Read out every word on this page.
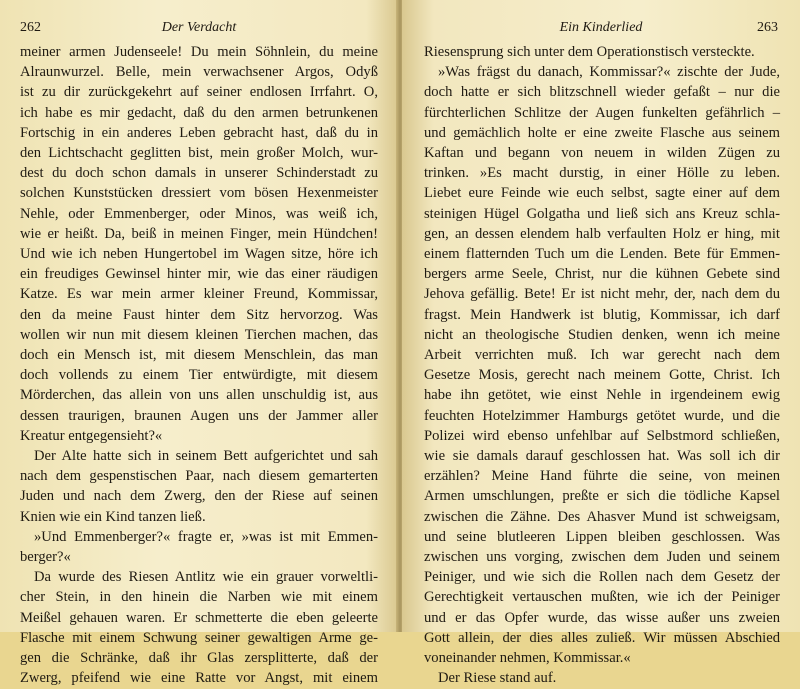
262	Der Verdacht
meiner armen Judenseele! Du mein Söhnlein, du meine
Alraunwurzel. Belle, mein verwachsener Argos, Odyß
ist zu dir zurückgekehrt auf seiner endlosen Irrfahrt. O,
ich habe es mir gedacht, daß du den armen betrunkenen
Fortschig in ein anderes Leben gebracht hast, daß du in
den Lichtschacht geglitten bist, mein großer Molch, wur-
dest du doch schon damals in unserer Schinderstadt zu
solchen Kunststücken dressiert vom bösen Hexenmeister
Nehle, oder Emmenberger, oder Minos, was weiß ich,
wie er heißt. Da, beiß in meinen Finger, mein Hündchen!
Und wie ich neben Hungertobel im Wagen sitze, höre ich
ein freudiges Gewinsel hinter mir, wie das einer räudigen
Katze. Es war mein armer kleiner Freund, Kommissar,
den da meine Faust hinter dem Sitz hervorzog. Was
wollen wir nun mit diesem kleinen Tierchen machen, das
doch ein Mensch ist, mit diesem Menschlein, das man
doch vollends zu einem Tier entwürdigte, mit diesem
Mörderchen, das allein von uns allen unschuldig ist, aus
dessen traurigen, braunen Augen uns der Jammer aller
Kreatur entgegensieht?«
Der Alte hatte sich in seinem Bett aufgerichtet und sah
nach dem gespenstischen Paar, nach diesem gemarterten
Juden und nach dem Zwerg, den der Riese auf seinen
Knien wie ein Kind tanzen ließ.
»Und Emmenberger?« fragte er, »was ist mit Emmen-
berger?«
Da wurde des Riesen Antlitz wie ein grauer vorweltli-
cher Stein, in den hinein die Narben wie mit einem
Meißel gehauen waren. Er schmetterte die eben geleerte
Flasche mit einem Schwung seiner gewaltigen Arme ge-
gen die Schränke, daß ihr Glas zersplitterte, daß der
Zwerg, pfeifend wie eine Ratte vor Angst, mit einem
Ein Kinderlied	263
Riesensprung sich unter dem Operationstisch versteckte.
»Was frägst du danach, Kommissar?« zischte der Jude,
doch hatte er sich blitzschnell wieder gefaßt – nur die
fürchterlichen Schlitze der Augen funkelten gefährlich –
und gemächlich holte er eine zweite Flasche aus seinem
Kaftan und begann von neuem in wilden Zügen zu
trinken. »Es macht durstig, in einer Hölle zu leben.
Liebet eure Feinde wie euch selbst, sagte einer auf dem
steinigen Hügel Golgatha und ließ sich ans Kreuz schla-
gen, an dessen elendem halb verfaulten Holz er hing, mit
einem flatternden Tuch um die Lenden. Bete für Emmen-
bergers arme Seele, Christ, nur die kühnen Gebete sind
Jehova gefällig. Bete! Er ist nicht mehr, der, nach dem du
fragst. Mein Handwerk ist blutig, Kommissar, ich darf
nicht an theologische Studien denken, wenn ich meine
Arbeit verrichten muß. Ich war gerecht nach dem
Gesetze Mosis, gerecht nach meinem Gotte, Christ. Ich
habe ihn getötet, wie einst Nehle in irgendeinem ewig
feuchten Hotelzimmer Hamburgs getötet wurde, und die
Polizei wird ebenso unfehlbar auf Selbstmord schließen,
wie sie damals darauf geschlossen hat. Was soll ich dir
erzählen? Meine Hand führte die seine, von meinen
Armen umschlungen, preßte er sich die tödliche Kapsel
zwischen die Zähne. Des Ahasver Mund ist schweigsam,
und seine blutleeren Lippen bleiben geschlossen. Was
zwischen uns vorging, zwischen dem Juden und seinem
Peiniger, und wie sich die Rollen nach dem Gesetz der
Gerechtigkeit vertauschen mußten, wie ich der Peiniger
und er das Opfer wurde, das wisse außer uns zweien
Gott allein, der dies alles zuließ. Wir müssen Abschied
voneinander nehmen, Kommissar.«
Der Riese stand auf.
